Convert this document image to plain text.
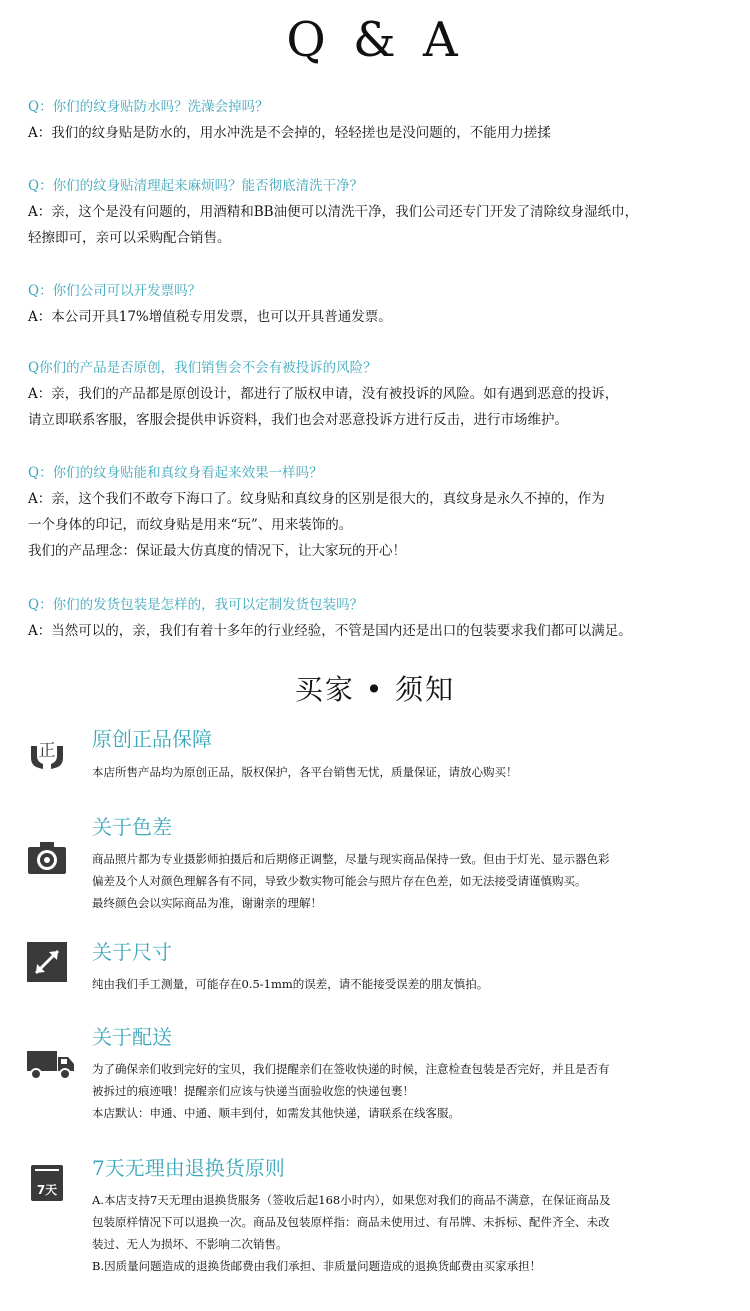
Q & A
Q：你们的纹身贴防水吗？洗澡会掉吗？
A：我们的纹身贴是防水的，用水冲洗是不会掉的，轻轻搓也是没问题的，不能用力搓揉
Q：你们的纹身贴清理起来麻烦吗？能否彻底清洗干净？
A：亲，这个是没有问题的，用酒精和BB油便可以清洗干净，我们公司还专门开发了清除纹身湿纸巾，
轻擦即可，亲可以采购配合销售。
Q：你们公司可以开发票吗？
A：本公司开具17%增值税专用发票，也可以开具普通发票。
Q你们的产品是否原创，我们销售会不会有被投诉的风险？
A：亲，我们的产品都是原创设计，都进行了版权申请，没有被投诉的风险。如有遇到恶意的投诉，
请立即联系客服，客服会提供申诉资料，我们也会对恶意投诉方进行反击，进行市场维护。
Q：你们的纹身贴能和真纹身看起来效果一样吗？
A：亲，这个我们不敢夸下海口了。纹身贴和真纹身的区别是很大的，真纹身是永久不掉的，作为
一个身体的印记，而纹身贴是用来“玩”、用来装饰的。
我们的产品理念：保证最大仿真度的情况下，让大家玩的开心！
Q：你们的发货包装是怎样的，我可以定制发货包装吗？
A：当然可以的，亲，我们有着十多年的行业经验，不管是国内还是出口的包装要求我们都可以满足。
买家 • 须知
正 原创正品保障
本店所售产品均为原创正品，版权保护，各平台销售无忧，质量保证，请放心购买！
关于色差
商品照片都为专业摄影师拍摄后和后期修正调整，尽量与现实商品保持一致。但由于灯光、显示器色彩
偏差及个人对颜色理解各有不同，导致少数实物可能会与照片存在色差，如无法接受请谨慎购买。
最终颜色会以实际商品为准，谢谢亲的理解！
关于尺寸
纯由我们手工测量，可能存在0.5-1mm的误差，请不能接受误差的朋友慎拍。
关于配送
为了确保亲们收到完好的宝贝，我们提醒亲们在签收快递的时候，注意检查包装是否完好，并且是否有
被拆过的痕迹哦！提醒亲们应该与快递当面验收您的快递包裹！
本店默认：申通、中通、顺丰到付，如需发其他快递，请联系在线客服。
7天
7天无理由退换货原则
A.本店支持7天无理由退换货服务（签收后起168小时内），如果您对我们的商品不满意，在保证商品及
包装原样情况下可以退换一次。商品及包装原样指：商品未使用过、有吊牌、未拆标、配件齐全、未改
装过、无人为损坏、不影响二次销售。
B.因质量问题造成的退换货邮费由我们承担、非质量问题造成的退换货邮费由买家承担！
